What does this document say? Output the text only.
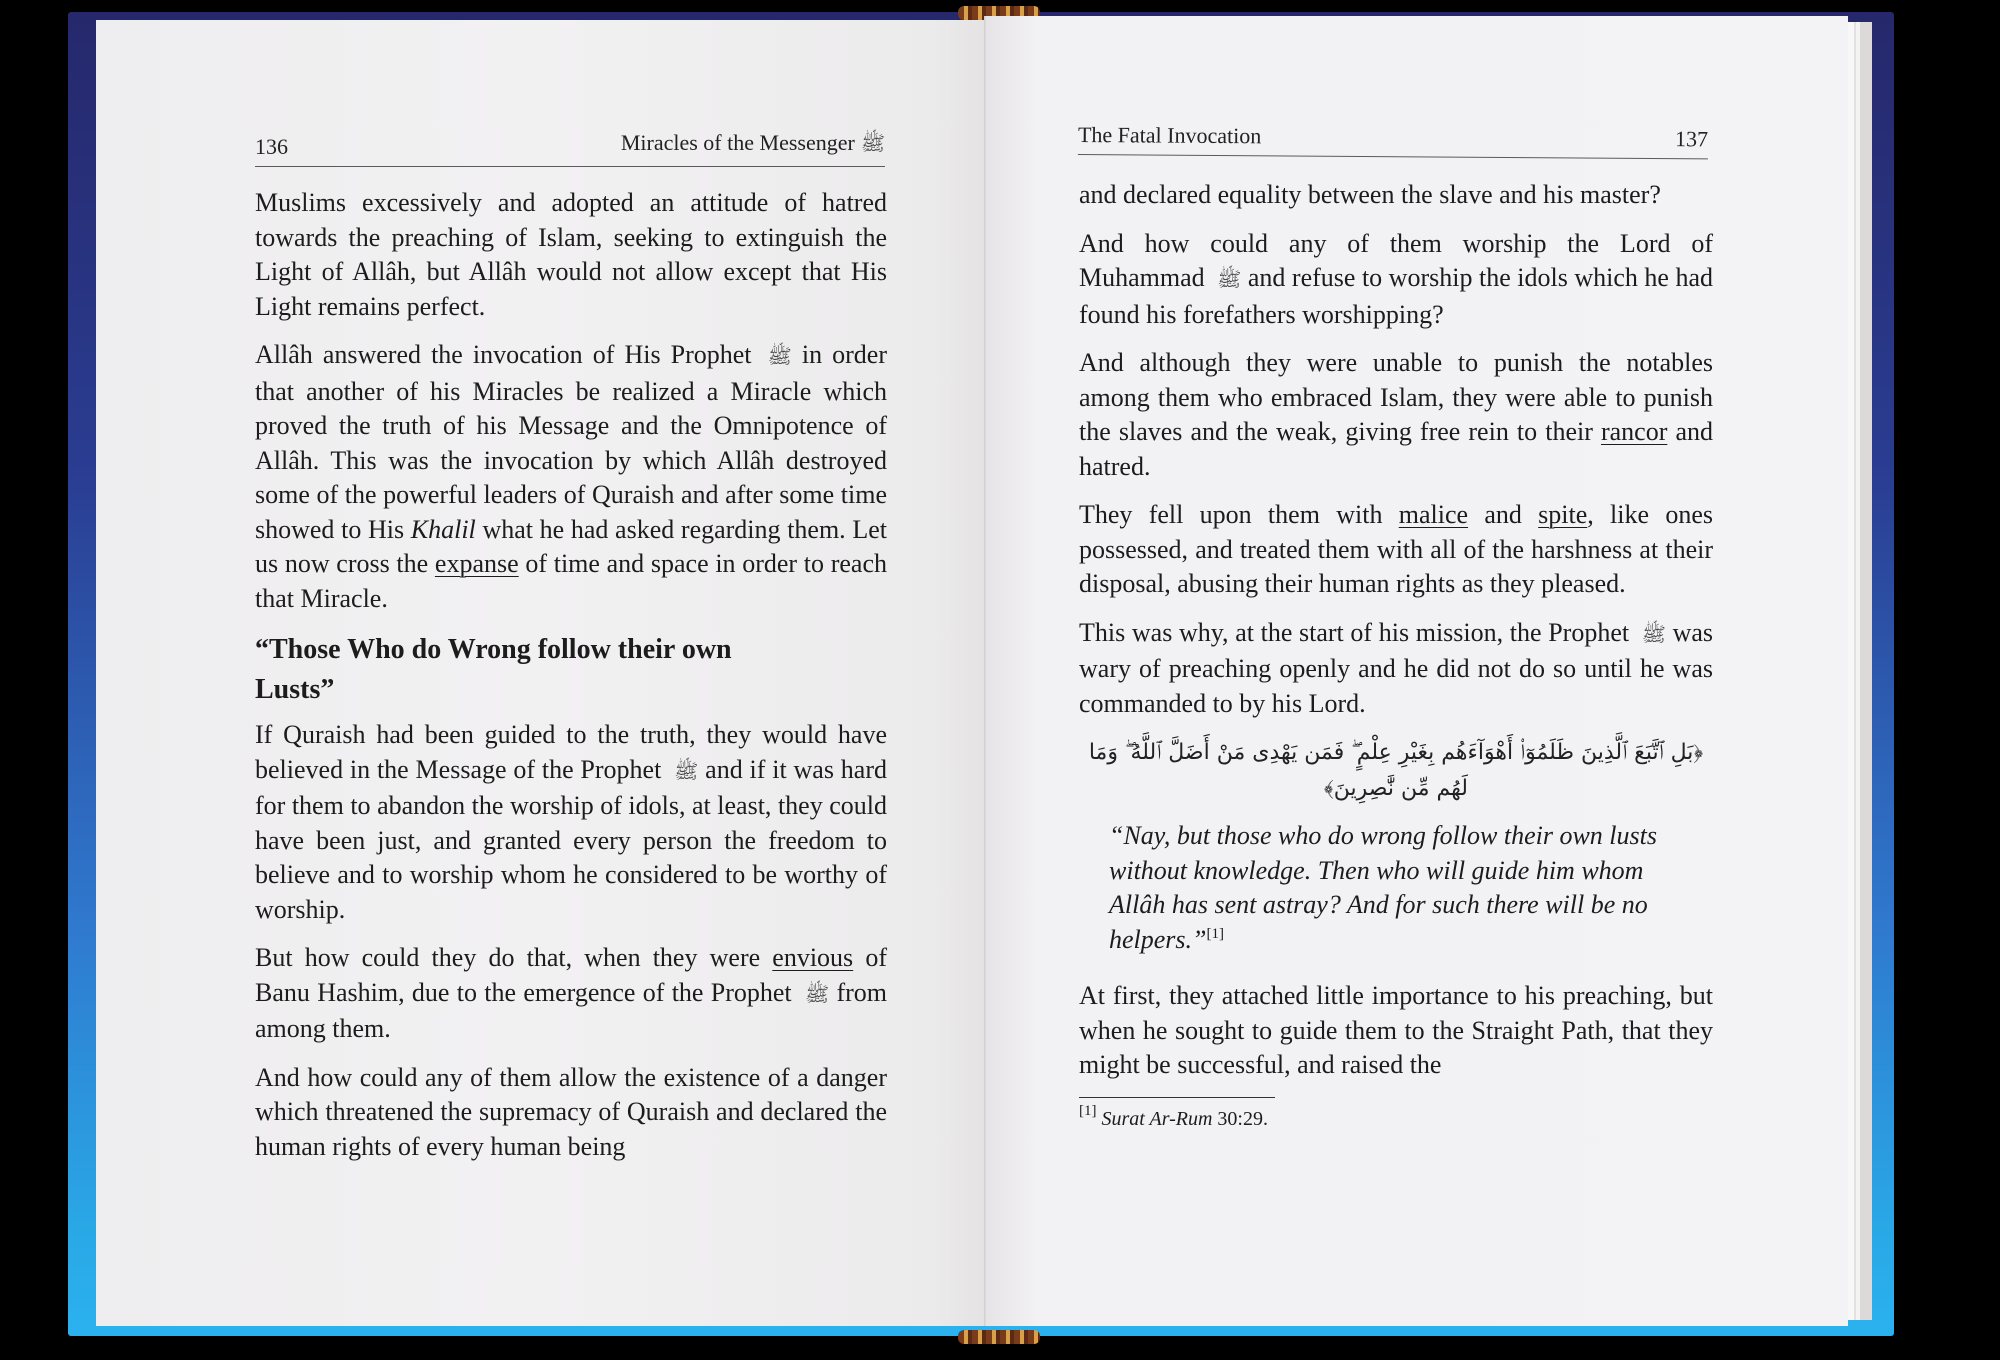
136	Miracles of the Messenger ﷺ

Muslims excessively and adopted an attitude of hatred towards the preaching of Islam, seeking to extinguish the Light of Allâh, but Allâh would not allow except that His Light remains perfect.

Allâh answered the invocation of His Prophet ﷺ in order that another of his Miracles be realized a Miracle which proved the truth of his Message and the Omnipotence of Allâh. This was the invocation by which Allâh destroyed some of the powerful leaders of Quraish and after some time showed to His Khalil what he had asked regarding them. Let us now cross the expanse of time and space in order to reach that Miracle.

“Those Who do Wrong follow their own Lusts”

If Quraish had been guided to the truth, they would have believed in the Message of the Prophet ﷺ and if it was hard for them to abandon the worship of idols, at least, they could have been just, and granted every person the freedom to believe and to worship whom he considered to be worthy of worship.

But how could they do that, when they were envious of Banu Hashim, due to the emergence of the Prophet ﷺ from among them.

And how could any of them allow the existence of a danger which threatened the supremacy of Quraish and declared the human rights of every human being

The Fatal Invocation	137

and declared equality between the slave and his master?

And how could any of them worship the Lord of Muhammad ﷺ and refuse to worship the idols which he had found his forefathers worshipping?

And although they were unable to punish the notables among them who embraced Islam, they were able to punish the slaves and the weak, giving free rein to their rancor and hatred.

They fell upon them with malice and spite, like ones possessed, and treated them with all of the harshness at their disposal, abusing their human rights as they pleased.

This was why, at the start of his mission, the Prophet ﷺ was wary of preaching openly and he did not do so until he was commanded to by his Lord.

﴿بَلِ ٱتَّبَعَ ٱلَّذِينَ ظَلَمُوٓا۟ أَهْوَآءَهُم بِغَيْرِ عِلْمٍ ۖ فَمَن يَهْدِى مَنْ أَضَلَّ ٱللَّهُ ۖ وَمَا لَهُم مِّن نَّٰصِرِينَ﴾

“Nay, but those who do wrong follow their own lusts without knowledge. Then who will guide him whom Allâh has sent astray? And for such there will be no helpers.”[1]

At first, they attached little importance to his preaching, but when he sought to guide them to the Straight Path, that they might be successful, and raised the

[1] Surat Ar-Rum 30:29.
